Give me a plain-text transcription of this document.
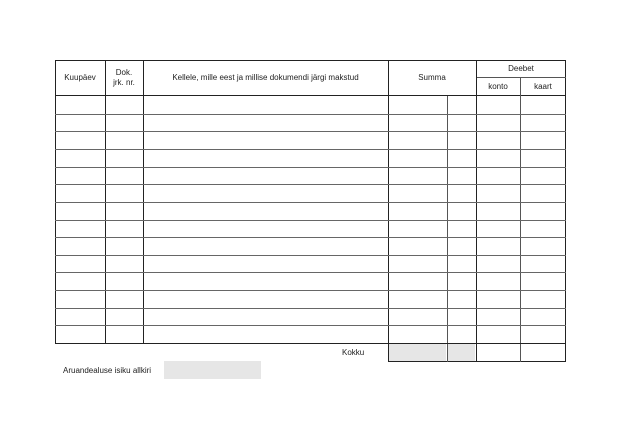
Kuupäev
Dok.
jrk. nr.
Kellele, mille eest ja millise dokumendi järgi makstud	Summa
Deebet
konto	kaart
Kokku
Aruandealuse isiku allkiri
